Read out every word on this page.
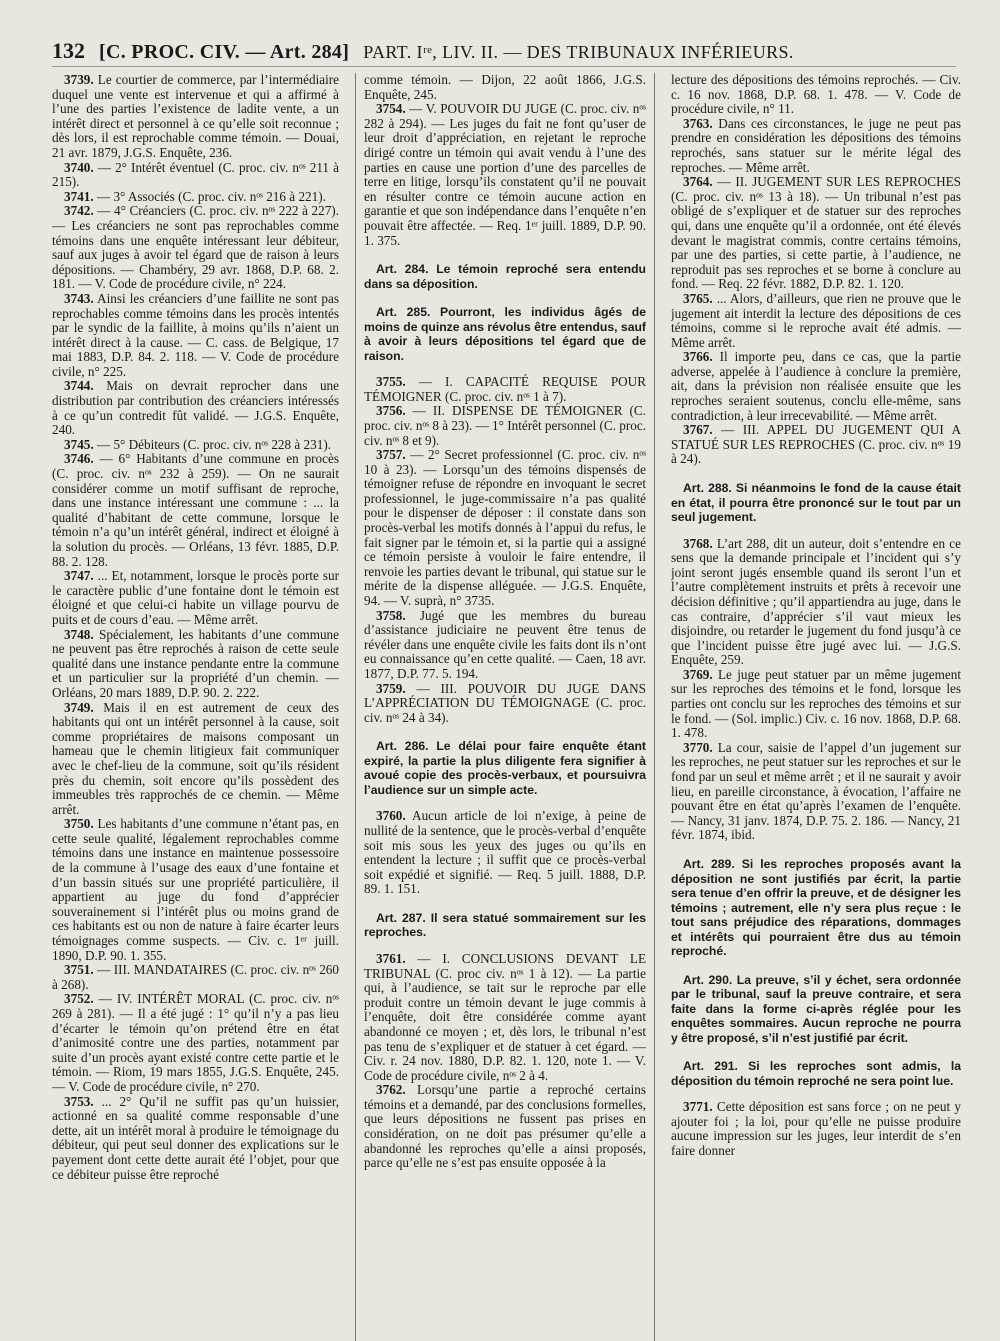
132 [C. PROC. CIV. — Art. 284] PART. Iʳᵉ, LIV. II. — DES TRIBUNAUX INFÉRIEURS.

3739. Le courtier de commerce, par l’intermédiaire duquel une vente est intervenue et qui a affirmé à l’une des parties l’existence de ladite vente, a un intérêt direct et personnel à ce qu’elle soit reconnue ; dès lors, il est reprochable comme témoin. — Douai, 21 avr. 1879, J.G.S. Enquête, 236.

3740. — 2° Intérêt éventuel (C. proc. civ. nᵒˢ 211 à 215).

3741. — 3° Associés (C. proc. civ. nᵒˢ 216 à 221).

3742. — 4° Créanciers (C. proc. civ. nᵒˢ 222 à 227). — Les créanciers ne sont pas reprochables comme témoins dans une enquête intéressant leur débiteur, sauf aux juges à avoir tel égard que de raison à leurs dépositions. — Chambéry, 29 avr. 1868, D.P. 68. 2. 181. — V. Code de procédure civile, n° 224.

3743. Ainsi les créanciers d’une faillite ne sont pas reprochables comme témoins dans les procès intentés par le syndic de la faillite, à moins qu’ils n’aient un intérêt direct à la cause. — C. cass. de Belgique, 17 mai 1883, D.P. 84. 2. 118. — V. Code de procédure civile, n° 225.

3744. Mais on devrait reprocher dans une distribution par contribution des créanciers intéressés à ce qu’un contredit fût validé. — J.G.S. Enquête, 240.

3745. — 5° Débiteurs (C. proc. civ. nᵒˢ 228 à 231).

3746. — 6° Habitants d’une commune en procès (C. proc. civ. nᵒˢ 232 à 259). — On ne saurait considérer comme un motif suffisant de reproche, dans une instance intéressant une commune : ... la qualité d’habitant de cette commune, lorsque le témoin n’a qu’un intérêt général, indirect et éloigné à la solution du procès. — Orléans, 13 févr. 1885, D.P. 88. 2. 128.

3747. ... Et, notamment, lorsque le procès porte sur le caractère public d’une fontaine dont le témoin est éloigné et que celui-ci habite un village pourvu de puits et de cours d’eau. — Même arrêt.

3748. Spécialement, les habitants d’une commune ne peuvent pas être reprochés à raison de cette seule qualité dans une instance pendante entre la commune et un particulier sur la propriété d’un chemin. — Orléans, 20 mars 1889, D.P. 90. 2. 222.

3749. Mais il en est autrement de ceux des habitants qui ont un intérêt personnel à la cause, soit comme propriétaires de maisons composant un hameau que le chemin litigieux fait communiquer avec le chef-lieu de la commune, soit qu’ils résident près du chemin, soit encore qu’ils possèdent des immeubles très rapprochés de ce chemin. — Même arrêt.

3750. Les habitants d’une commune n’étant pas, en cette seule qualité, légalement reprochables comme témoins dans une instance en maintenue possessoire de la commune à l’usage des eaux d’une fontaine et d’un bassin situés sur une propriété particulière, il appartient au juge du fond d’apprécier souverainement si l’intérêt plus ou moins grand de ces habitants est ou non de nature à faire écarter leurs témoignages comme suspects. — Civ. c. 1ᵉʳ juill. 1890, D.P. 90. 1. 355.

3751. — III. MANDATAIRES (C. proc. civ. nᵒˢ 260 à 268).

3752. — IV. INTÉRÊT MORAL (C. proc. civ. nᵒˢ 269 à 281). — Il a été jugé : 1° qu’il n’y a pas lieu d’écarter le témoin qu’on prétend être en état d’animosité contre une des parties, notamment par suite d’un procès ayant existé contre cette partie et le témoin. — Riom, 19 mars 1855, J.G.S. Enquête, 245. — V. Code de procédure civile, n° 270.

3753. ... 2° Qu’il ne suffit pas qu’un huissier, actionné en sa qualité comme responsable d’une dette, ait un intérêt moral à produire le témoignage du débiteur, qui peut seul donner des explications sur le payement dont cette dette aurait été l’objet, pour que ce débiteur puisse être reproché

comme témoin. — Dijon, 22 août 1866, J.G.S. Enquête, 245.

3754. — V. POUVOIR DU JUGE (C. proc. civ. nᵒˢ 282 à 294). — Les juges du fait ne font qu’user de leur droit d’appréciation, en rejetant le reproche dirigé contre un témoin qui avait vendu à l’une des parties en cause une portion d’une des parcelles de terre en litige, lorsqu’ils constatent qu’il ne pouvait en résulter contre ce témoin aucune action en garantie et que son indépendance dans l’enquête n’en pouvait être affectée. — Req. 1ᵉʳ juill. 1889, D.P. 90. 1. 375.

Art. 284. Le témoin reproché sera entendu dans sa déposition.

Art. 285. Pourront, les individus âgés de moins de quinze ans révolus être entendus, sauf à avoir à leurs dépositions tel égard que de raison.

3755. — I. CAPACITÉ REQUISE POUR TÉMOIGNER (C. proc. civ. nᵒˢ 1 à 7).

3756. — II. DISPENSE DE TÉMOIGNER (C. proc. civ. nᵒˢ 8 à 23). — 1° Intérêt personnel (C. proc. civ. nᵒˢ 8 et 9).

3757. — 2° Secret professionnel (C. proc. civ. nᵒˢ 10 à 23). — Lorsqu’un des témoins dispensés de témoigner refuse de répondre en invoquant le secret professionnel, le juge-commissaire n’a pas qualité pour le dispenser de déposer : il constate dans son procès-verbal les motifs donnés à l’appui du refus, le fait signer par le témoin et, si la partie qui a assigné ce témoin persiste à vouloir le faire entendre, il renvoie les parties devant le tribunal, qui statue sur le mérite de la dispense alléguée. — J.G.S. Enquête, 94. — V. suprà, n° 3735.

3758. Jugé que les membres du bureau d’assistance judiciaire ne peuvent être tenus de révéler dans une enquête civile les faits dont ils n’ont eu connaissance qu’en cette qualité. — Caen, 18 avr. 1877, D.P. 77. 5. 194.

3759. — III. POUVOIR DU JUGE DANS L’APPRÉCIATION DU TÉMOIGNAGE (C. proc. civ. nᵒˢ 24 à 34).

Art. 286. Le délai pour faire enquête étant expiré, la partie la plus diligente fera signifier à avoué copie des procès-verbaux, et poursuivra l’audience sur un simple acte.

3760. Aucun article de loi n’exige, à peine de nullité de la sentence, que le procès-verbal d’enquête soit mis sous les yeux des juges ou qu’ils en entendent la lecture ; il suffit que ce procès-verbal soit expédié et signifié. — Req. 5 juill. 1888, D.P. 89. 1. 151.

Art. 287. Il sera statué sommairement sur les reproches.

3761. — I. CONCLUSIONS DEVANT LE TRIBUNAL (C. proc civ. nᵒˢ 1 à 12). — La partie qui, à l’audience, se tait sur le reproche par elle produit contre un témoin devant le juge commis à l’enquête, doit être considérée comme ayant abandonné ce moyen ; et, dès lors, le tribunal n’est pas tenu de s’expliquer et de statuer à cet égard. — Civ. r. 24 nov. 1880, D.P. 82. 1. 120, note 1. — V. Code de procédure civile, nᵒˢ 2 à 4.

3762. Lorsqu’une partie a reproché certains témoins et a demandé, par des conclusions formelles, que leurs dépositions ne fussent pas prises en considération, on ne doit pas présumer qu’elle a abandonné les reproches qu’elle a ainsi proposés, parce qu’elle ne s’est pas ensuite opposée à la

lecture des dépositions des témoins reprochés. — Civ. c. 16 nov. 1868, D.P. 68. 1. 478. — V. Code de procédure civile, n° 11.

3763. Dans ces circonstances, le juge ne peut pas prendre en considération les dépositions des témoins reprochés, sans statuer sur le mérite légal des reproches. — Même arrêt.

3764. — II. JUGEMENT SUR LES REPROCHES (C. proc. civ. nᵒˢ 13 à 18). — Un tribunal n’est pas obligé de s’expliquer et de statuer sur des reproches qui, dans une enquête qu’il a ordonnée, ont été élevés devant le magistrat commis, contre certains témoins, par une des parties, si cette partie, à l’audience, ne reproduit pas ses reproches et se borne à conclure au fond. — Req. 22 févr. 1882, D.P. 82. 1. 120.

3765. ... Alors, d’ailleurs, que rien ne prouve que le jugement ait interdit la lecture des dépositions de ces témoins, comme si le reproche avait été admis. — Même arrêt.

3766. Il importe peu, dans ce cas, que la partie adverse, appelée à l’audience à conclure la première, ait, dans la prévision non réalisée ensuite que les reproches seraient soutenus, conclu elle-même, sans contradiction, à leur irrecevabilité. — Même arrêt.

3767. — III. APPEL DU JUGEMENT QUI A STATUÉ SUR LES REPROCHES (C. proc. civ. nᵒˢ 19 à 24).

Art. 288. Si néanmoins le fond de la cause était en état, il pourra être prononcé sur le tout par un seul jugement.

3768. L’art 288, dit un auteur, doit s’entendre en ce sens que la demande principale et l’incident qui s’y joint seront jugés ensemble quand ils seront l’un et l’autre complètement instruits et prêts à recevoir une décision définitive ; qu’il appartiendra au juge, dans le cas contraire, d’apprécier s’il vaut mieux les disjoindre, ou retarder le jugement du fond jusqu’à ce que l’incident puisse être jugé avec lui. — J.G.S. Enquête, 259.

3769. Le juge peut statuer par un même jugement sur les reproches des témoins et le fond, lorsque les parties ont conclu sur les reproches des témoins et sur le fond. — (Sol. implic.) Civ. c. 16 nov. 1868, D.P. 68. 1. 478.

3770. La cour, saisie de l’appel d’un jugement sur les reproches, ne peut statuer sur les reproches et sur le fond par un seul et même arrêt ; et il ne saurait y avoir lieu, en pareille circonstance, à évocation, l’affaire ne pouvant être en état qu’après l’examen de l’enquête. — Nancy, 31 janv. 1874, D.P. 75. 2. 186. — Nancy, 21 févr. 1874, ibid.

Art. 289. Si les reproches proposés avant la déposition ne sont justifiés par écrit, la partie sera tenue d’en offrir la preuve, et de désigner les témoins ; autrement, elle n’y sera plus reçue : le tout sans préjudice des réparations, dommages et intérêts qui pourraient être dus au témoin reproché.

Art. 290. La preuve, s’il y échet, sera ordonnée par le tribunal, sauf la preuve contraire, et sera faite dans la forme ci-après réglée pour les enquêtes sommaires. Aucun reproche ne pourra y être proposé, s’il n’est justifié par écrit.

Art. 291. Si les reproches sont admis, la déposition du témoin reproché ne sera point lue.

3771. Cette déposition est sans force ; on ne peut y ajouter foi ; la loi, pour qu’elle ne puisse produire aucune impression sur les juges, leur interdit de s’en faire donner
